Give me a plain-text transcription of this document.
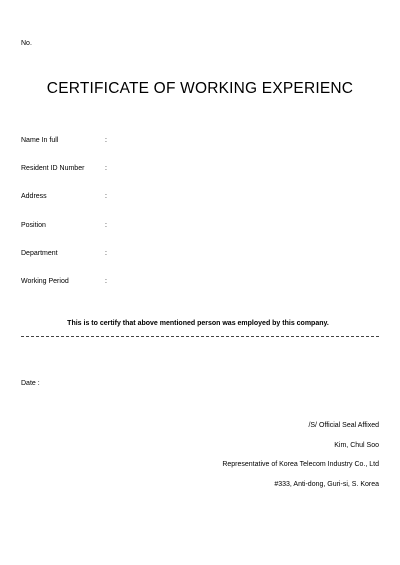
No.
CERTIFICATE OF WORKING EXPERIENC
Name In full	:
Resident ID Number	:
Address	:
Position	:
Department	:
Working Period	:
This is to certify that above mentioned person was employed by this company.
Date :
/S/ Official Seal Affixed
Kim, Chul Soo
Representative of Korea Telecom Industry Co., Ltd
#333, Anti-dong, Guri-si, S. Korea
